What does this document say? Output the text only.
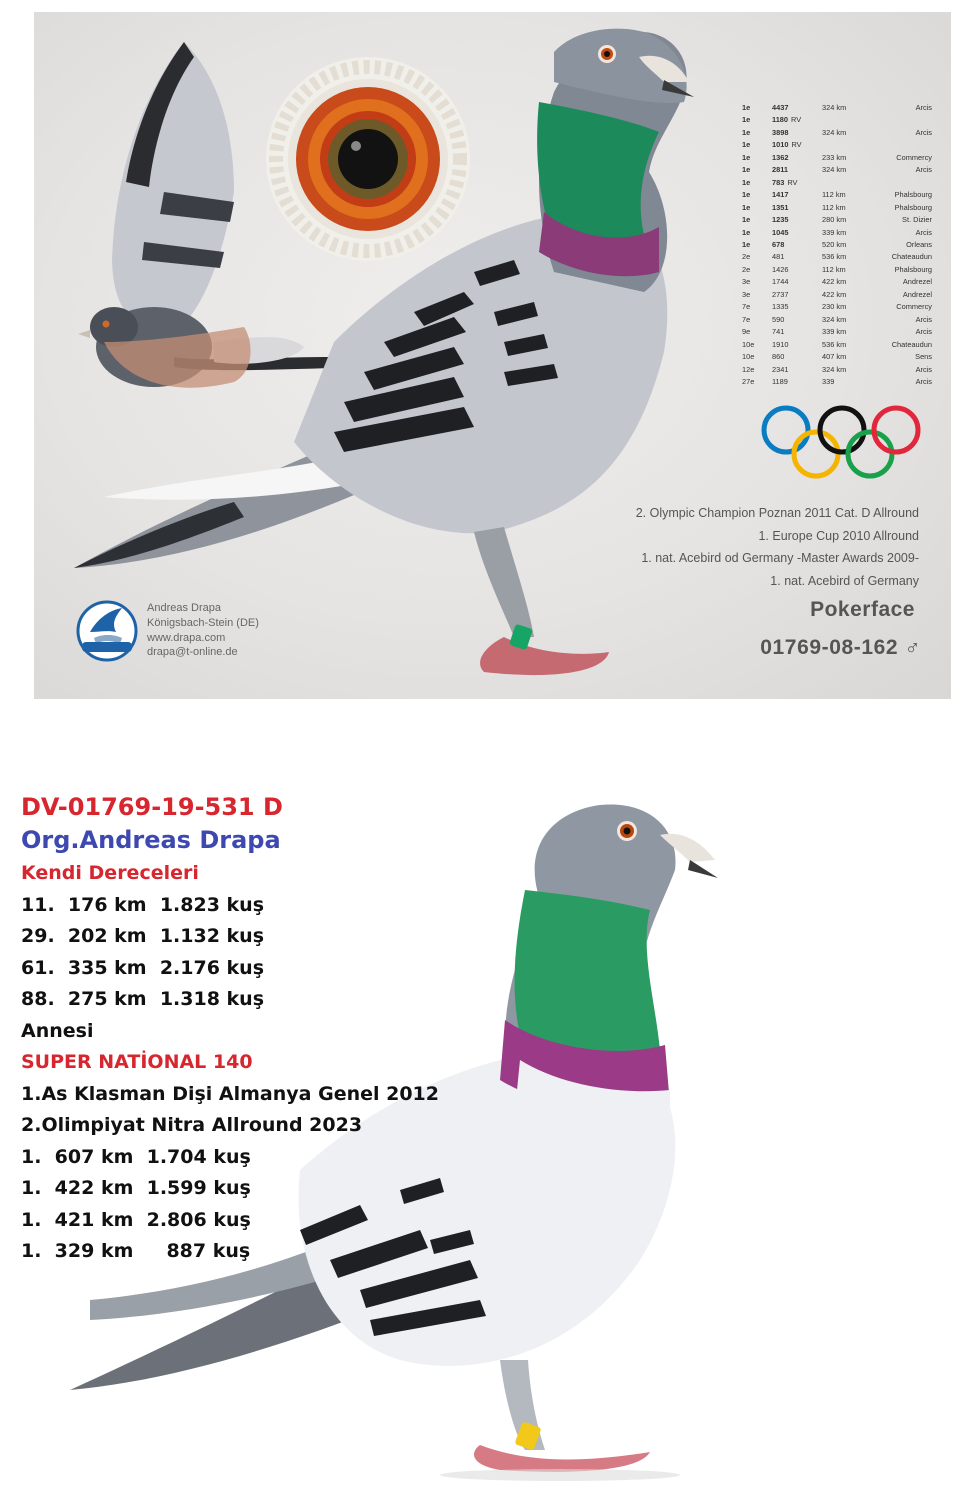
1e	4437	324 km	Arcis
1e	1180 RV		
1e	3898	324 km	Arcis
1e	1010 RV		
1e	1362	233 km	Commercy
1e	2811	324 km	Arcis
1e	783 RV		
1e	1417	112 km	Phalsbourg
1e	1351	112 km	Phalsbourg
1e	1235	280 km	St. Dizier
1e	1045	339 km	Arcis
1e	678	520 km	Orleans
2e	481	536 km	Chateaudun
2e	1426	112 km	Phalsbourg
3e	1744	422 km	Andrezel
3e	2737	422 km	Andrezel
7e	1335	230 km	Commercy
7e	590	324 km	Arcis
9e	741	339 km	Arcis
10e	1910	536 km	Chateaudun
10e	860	407 km	Sens
12e	2341	324 km	Arcis
27e	1189	339	Arcis
2. Olympic Champion Poznan 2011 Cat. D Allround
1. Europe Cup 2010 Allround
1. nat. Acebird od Germany -Master Awards 2009-
1. nat. Acebird of Germany
Pokerface
01769-08-162 ♂
Andreas Drapa
Königsbach-Stein (DE)
www.drapa.com
drapa@t-online.de
DV-01769-19-531 D
Org.Andreas Drapa
Kendi Dereceleri
11.  176 km  1.823 kuş
29.  202 km  1.132 kuş
61.  335 km  2.176 kuş
88.  275 km  1.318 kuş
Annesi
SUPER NATİONAL 140
1.As Klasman Dişi Almanya Genel 2012
2.Olimpiyat Nitra Allround 2023
1.  607 km  1.704 kuş
1.  422 km  1.599 kuş
1.  421 km  2.806 kuş
1.  329 km     887 kuş
